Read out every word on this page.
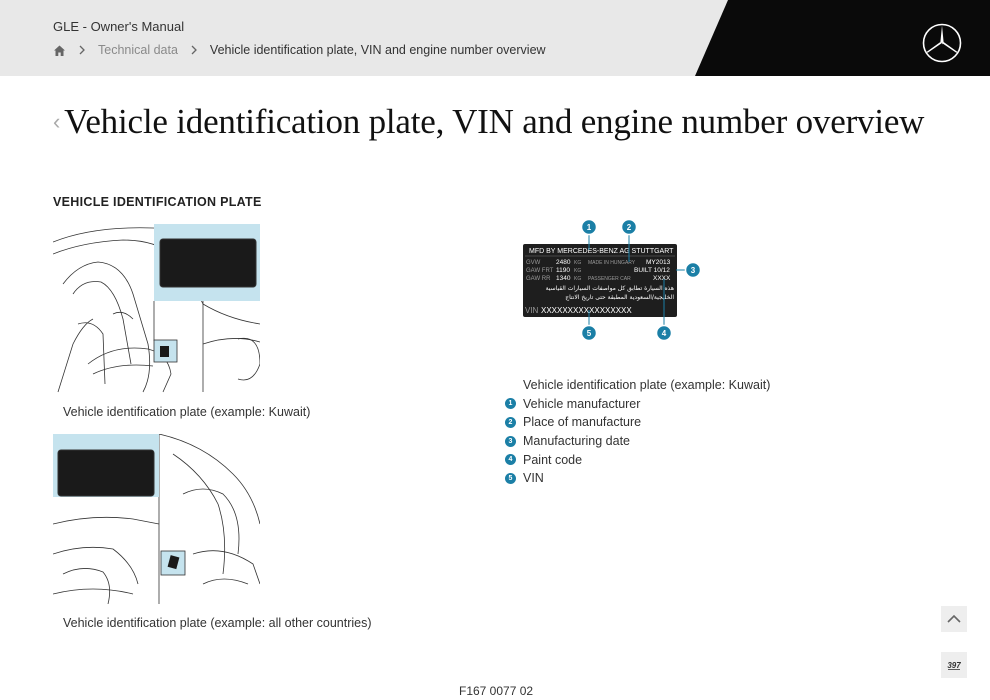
GLE - Owner's Manual
Technical data	Vehicle identification plate, VIN and engine number overview
‹ Vehicle identification plate, VIN and engine number overview
VEHICLE IDENTIFICATION PLATE
Vehicle identification plate (example: Kuwait)
Vehicle identification plate (example: all other countries)
MFD BY MERCEDES-BENZ AG STUTTGART
GVW 2480 KG MADE IN HUNGARY MY2013
GAW FRT 1190 KG	BUILT 10/12
GAW RR 1340 KG PASSENGER CAR	XXXX
هذه السيارة تطابق كل مواصفات السيارات القياسية
الخليجية/السعودية المطبقة حتى تاريخ الانتاج
VIN XXXXXXXXXXXXXXXXX
1	2
3
4
5
Vehicle identification plate (example: Kuwait)
1 Vehicle manufacturer
2 Place of manufacture
3 Manufacturing date
4 Paint code
5 VIN
F167 0077 02
397
